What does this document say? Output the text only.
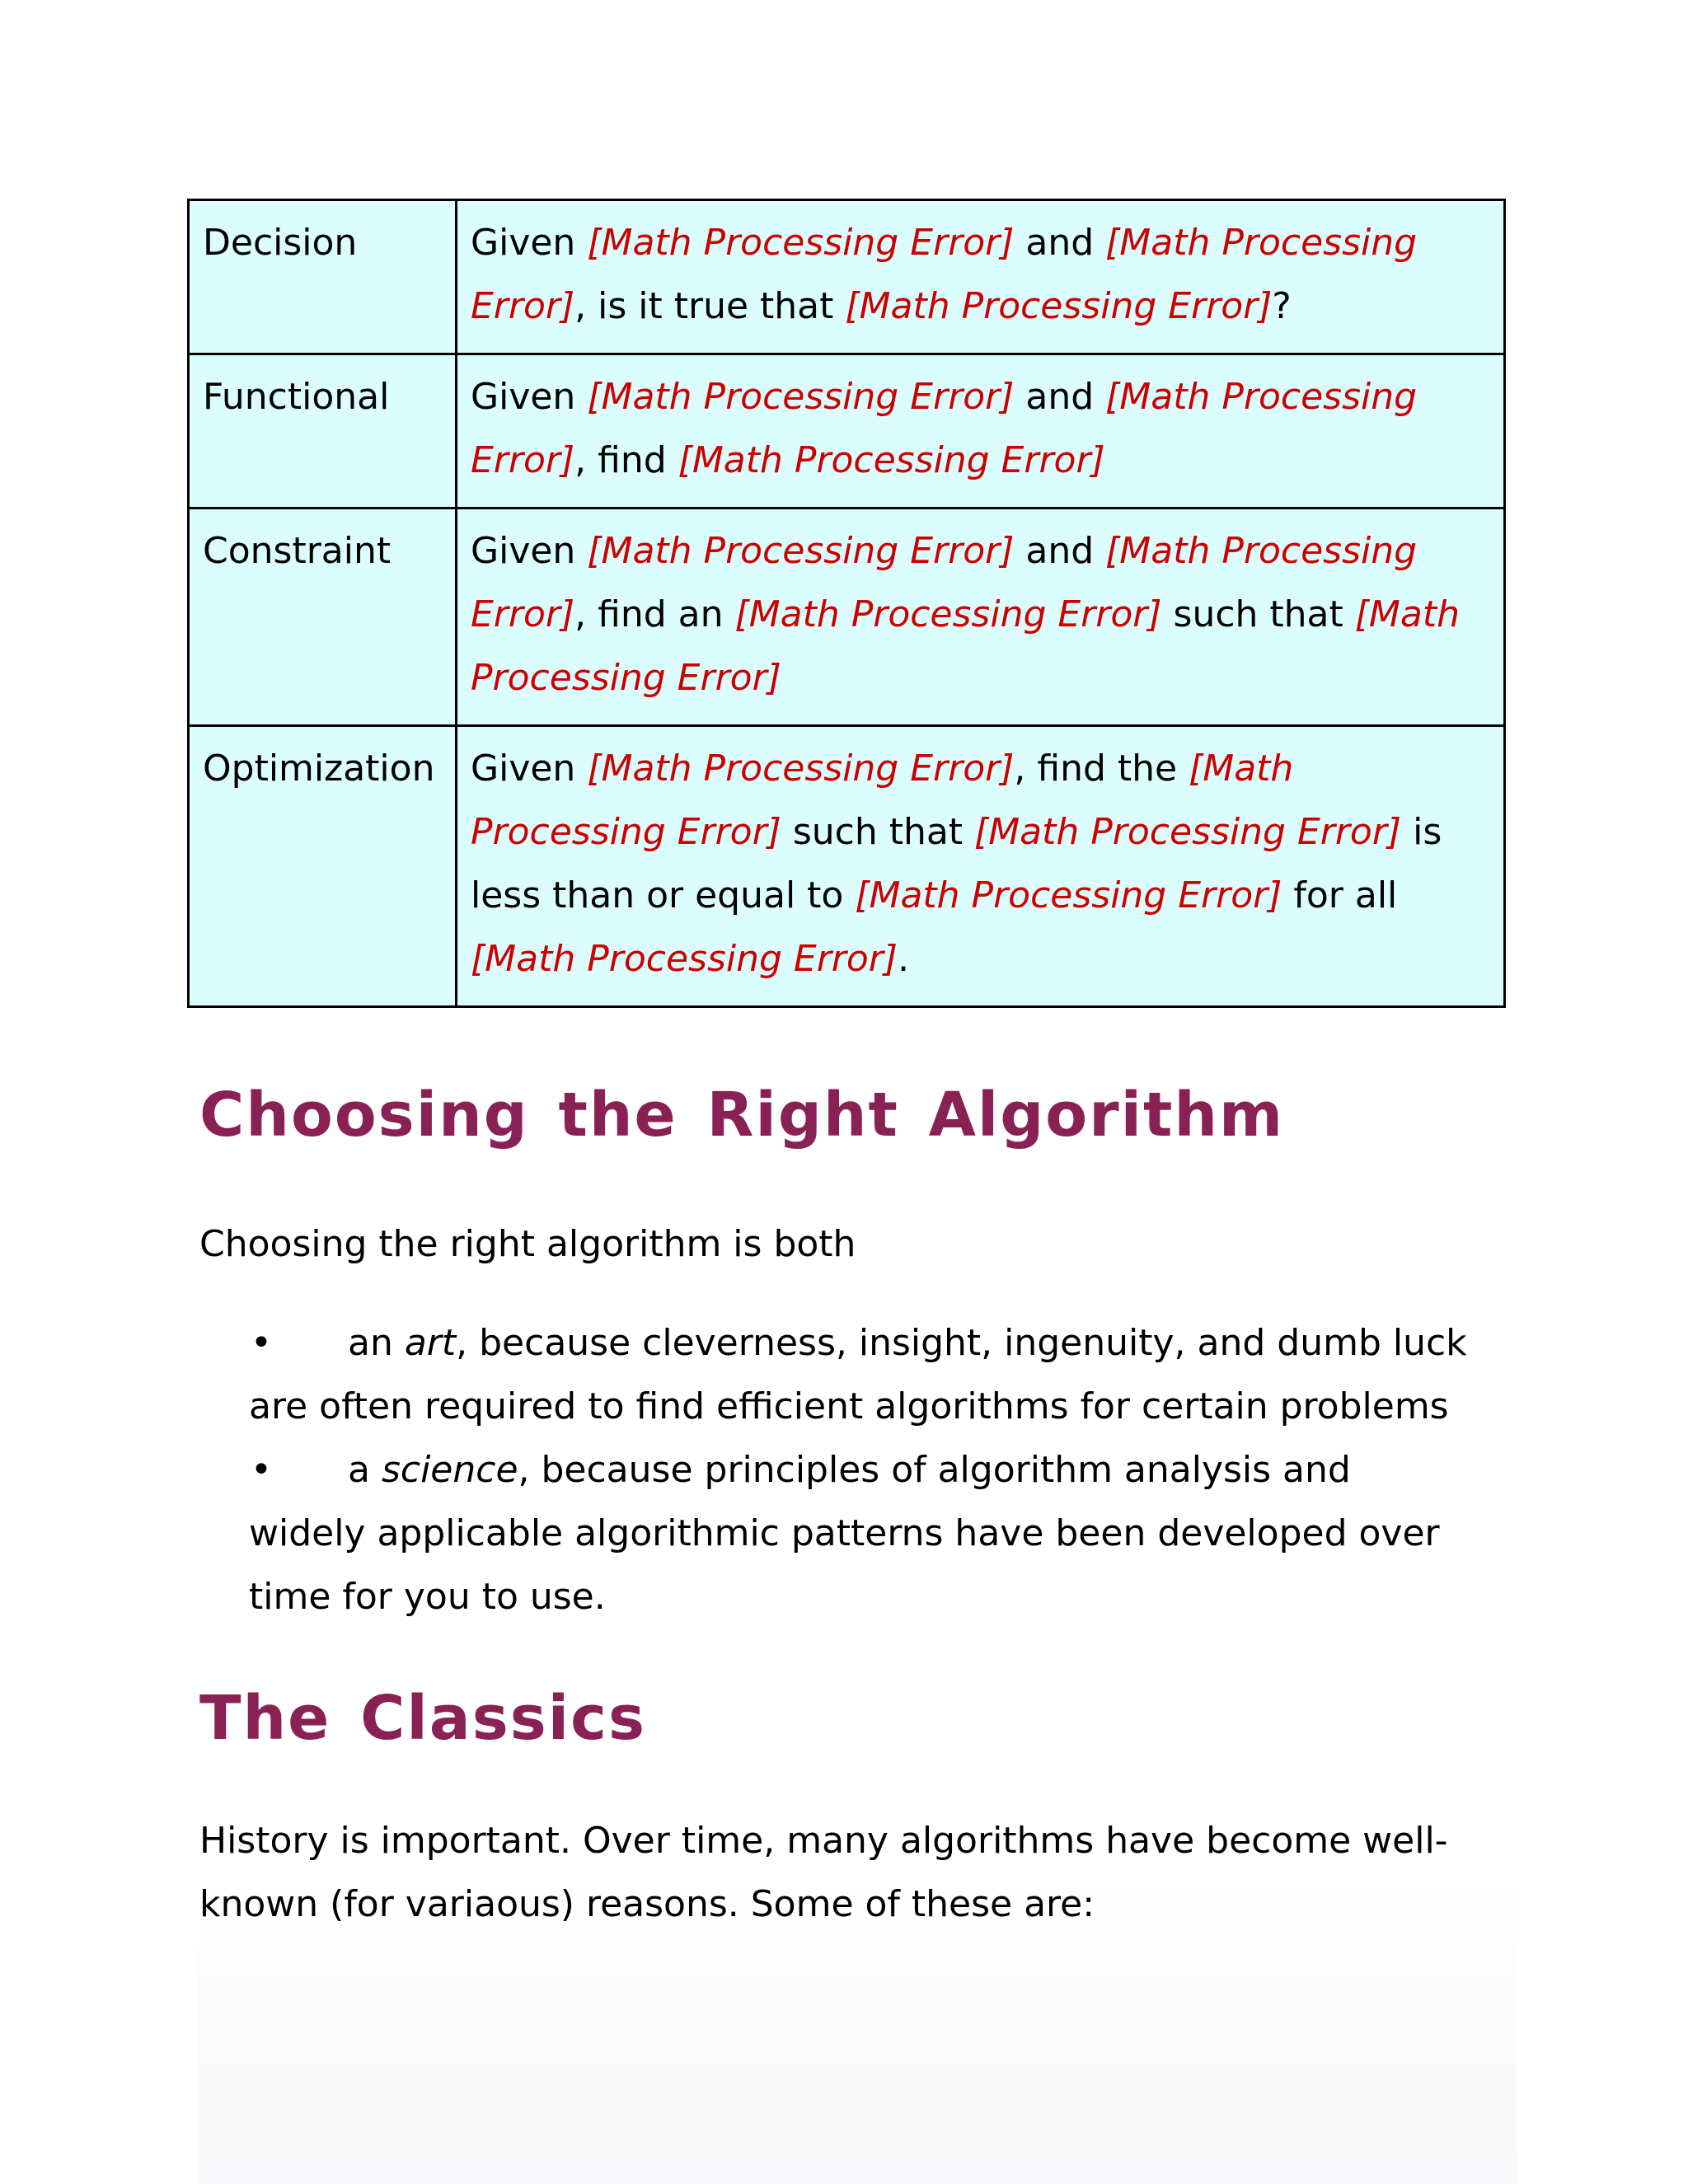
Decision	Given [Math Processing Error] and [Math Processing Error], is it true that [Math Processing Error]?
Functional	Given [Math Processing Error] and [Math Processing Error], find [Math Processing Error]
Constraint	Given [Math Processing Error] and [Math Processing Error], find an [Math Processing Error] such that [Math Processing Error]
Optimization	Given [Math Processing Error], find the [Math Processing Error] such that [Math Processing Error] is less than or equal to [Math Processing Error] for all [Math Processing Error].
Choosing the Right Algorithm

Choosing the right algorithm is both

•	an art, because cleverness, insight, ingenuity, and dumb luck are often required to find efficient algorithms for certain problems
•	a science, because principles of algorithm analysis and widely applicable algorithmic patterns have been developed over time for you to use.
The Classics

History is important. Over time, many algorithms have become well-known (for variaous) reasons. Some of these are:
